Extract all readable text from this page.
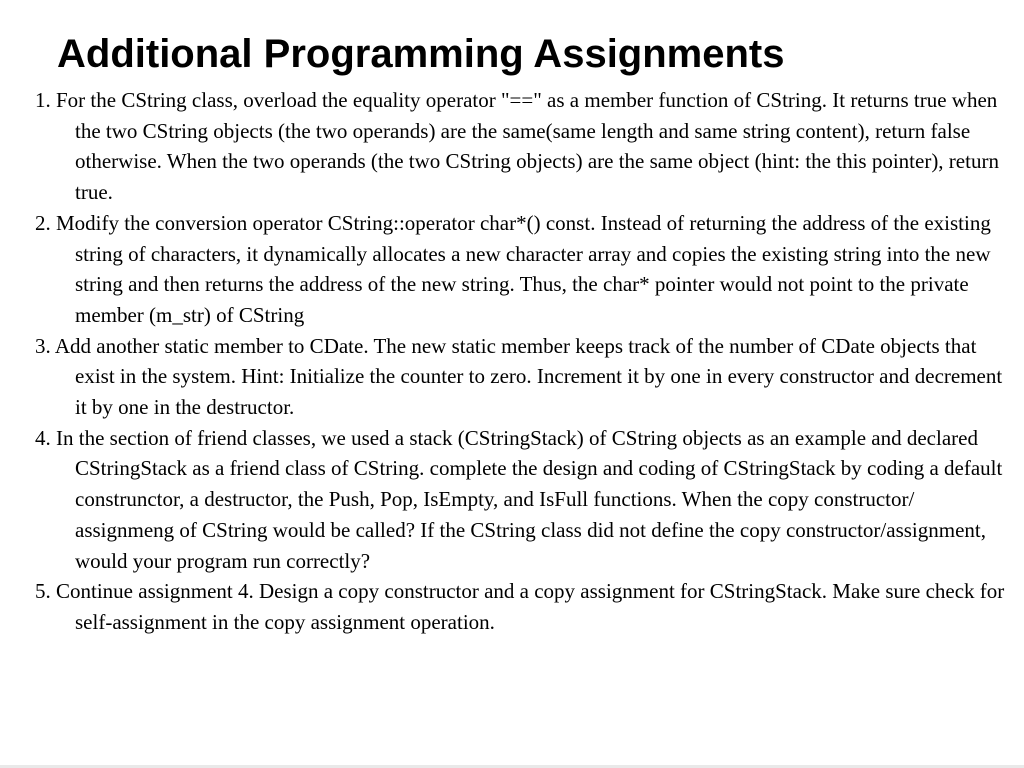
Additional Programming Assignments
1. For the CString class, overload the equality operator "==" as a member function of CString. It returns true when the two CString objects (the two operands) are the same(same length and same string content), return false otherwise. When the two operands (the two CString objects) are the same object (hint: the this pointer), return true.
2. Modify the conversion operator CString::operator char*() const. Instead of returning the address of the existing string of characters, it dynamically allocates a new character array and copies the existing string into the new string and then returns the address of the new string. Thus, the char* pointer would not point to the private member (m_str) of CString
3. Add another static member to CDate. The new static member keeps track of the number of CDate objects that exist in the system. Hint: Initialize the counter to zero. Increment it by one in every constructor and decrement it by one in the destructor.
4. In the section of friend classes, we used a stack (CStringStack) of CString objects as an example and declared CStringStack as a friend class of CString. complete the design and coding of CStringStack by coding a default construnctor, a destructor, the Push, Pop, IsEmpty, and IsFull functions. When the copy constructor/ assignmeng of CString would be called? If the CString class did not define the copy constructor/assignment, would your program run correctly?
5. Continue assignment 4. Design a copy constructor and a copy assignment for CStringStack. Make sure check for self-assignment in the copy assignment operation.
